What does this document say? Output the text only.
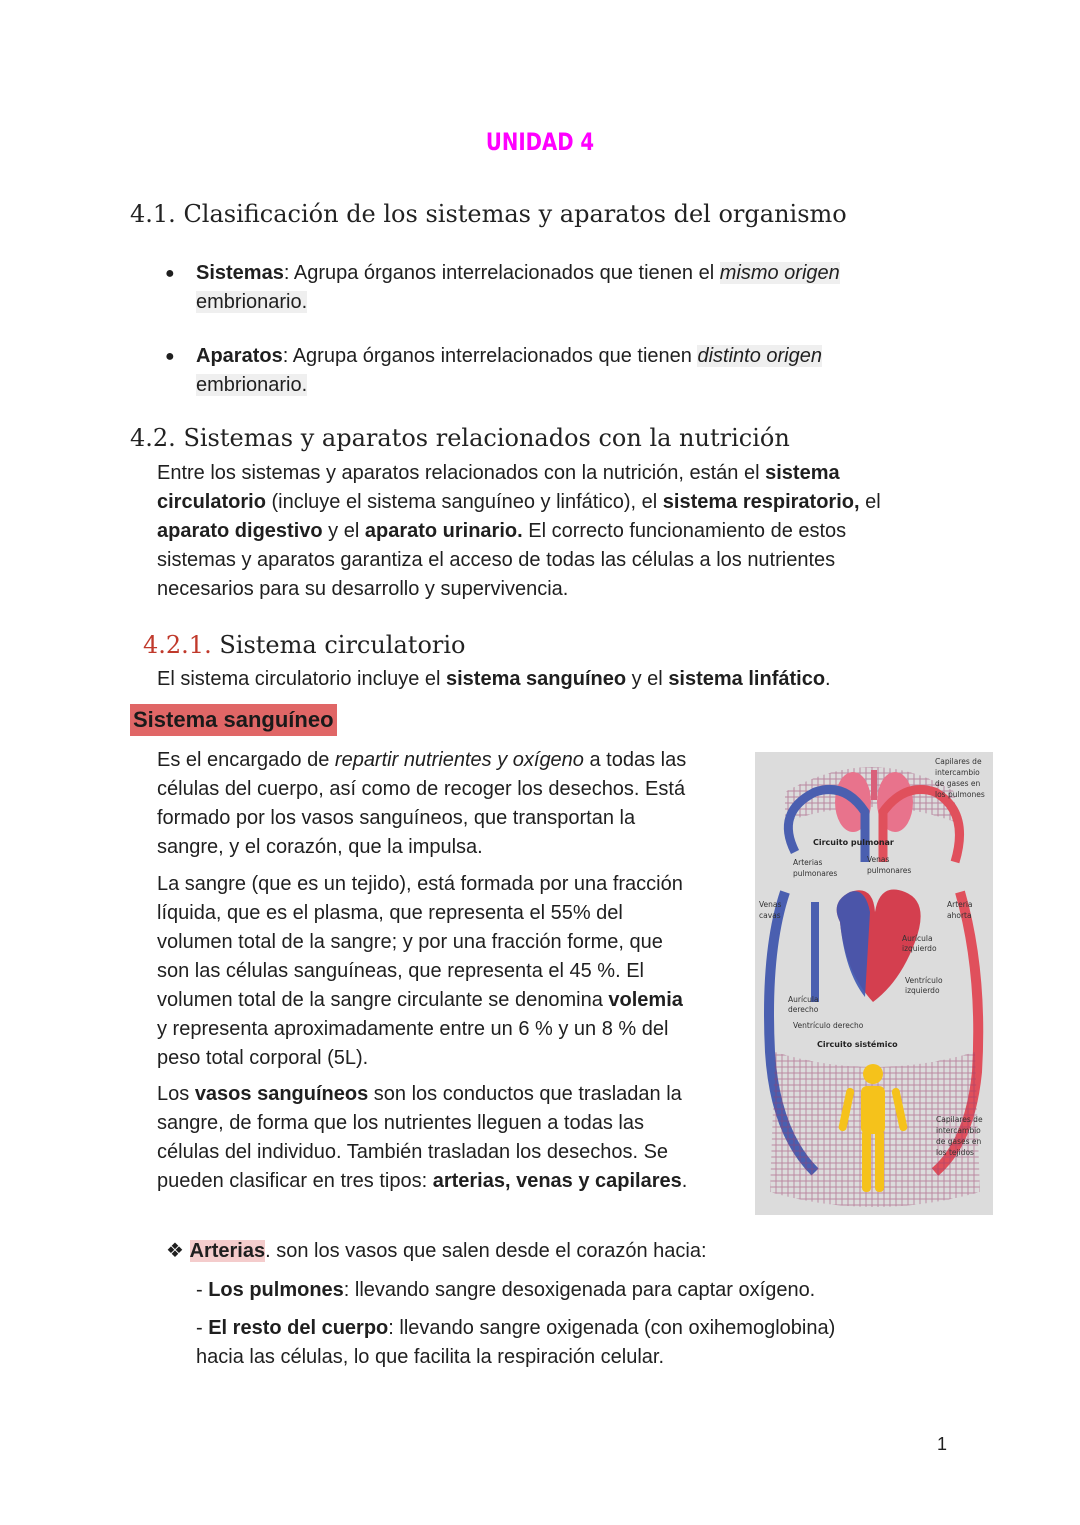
UNIDAD 4
4.1. Clasificación de los sistemas y aparatos del organismo
● Sistemas: Agrupa órganos interrelacionados que tienen el mismo origen
embrionario.
● Aparatos: Agrupa órganos interrelacionados que tienen distinto origen
embrionario.
4.2. Sistemas y aparatos relacionados con la nutrición
Entre los sistemas y aparatos relacionados con la nutrición, están el sistema
circulatorio (incluye el sistema sanguíneo y linfático), el sistema respiratorio, el
aparato digestivo y el aparato urinario. El correcto funcionamiento de estos
sistemas y aparatos garantiza el acceso de todas las células a los nutrientes
necesarios para su desarrollo y supervivencia.
4.2.1. Sistema circulatorio
El sistema circulatorio incluye el sistema sanguíneo y el sistema linfático.
Sistema sanguíneo
Es el encargado de repartir nutrientes y oxígeno a todas las
células del cuerpo, así como de recoger los desechos. Está
formado por los vasos sanguíneos, que transportan la
sangre, y el corazón, que la impulsa.
La sangre (que es un tejido), está formada por una fracción
líquida, que es el plasma, que representa el 55% del
volumen total de la sangre; y por una fracción forme, que
son las células sanguíneas, que representa el 45 %. El
volumen total de la sangre circulante se denomina volemia
y representa aproximadamente entre un 6 % y un 8 % del
peso total corporal (5L).
Los vasos sanguíneos son los conductos que trasladan la
sangre, de forma que los nutrientes lleguen a todas las
células del individuo. También trasladan los desechos. Se
pueden clasificar en tres tipos: arterias, venas y capilares.
Capilares de intercambio de gases en los pulmones
Circuito pulmonar
Arterias pulmonares
Venas pulmonares
Venas cavas
Arteria ahorta
Aurícula izquierdo
Ventrículo izquierdo
Aurícula derecho
Ventrículo derecho
Circuito sistémico
Capilares de intercambio de gases en los tejidos
❖ Arterias. son los vasos que salen desde el corazón hacia:
- Los pulmones: llevando sangre desoxigenada para captar oxígeno.
- El resto del cuerpo: llevando sangre oxigenada (con oxihemoglobina)
hacia las células, lo que facilita la respiración celular.
1
